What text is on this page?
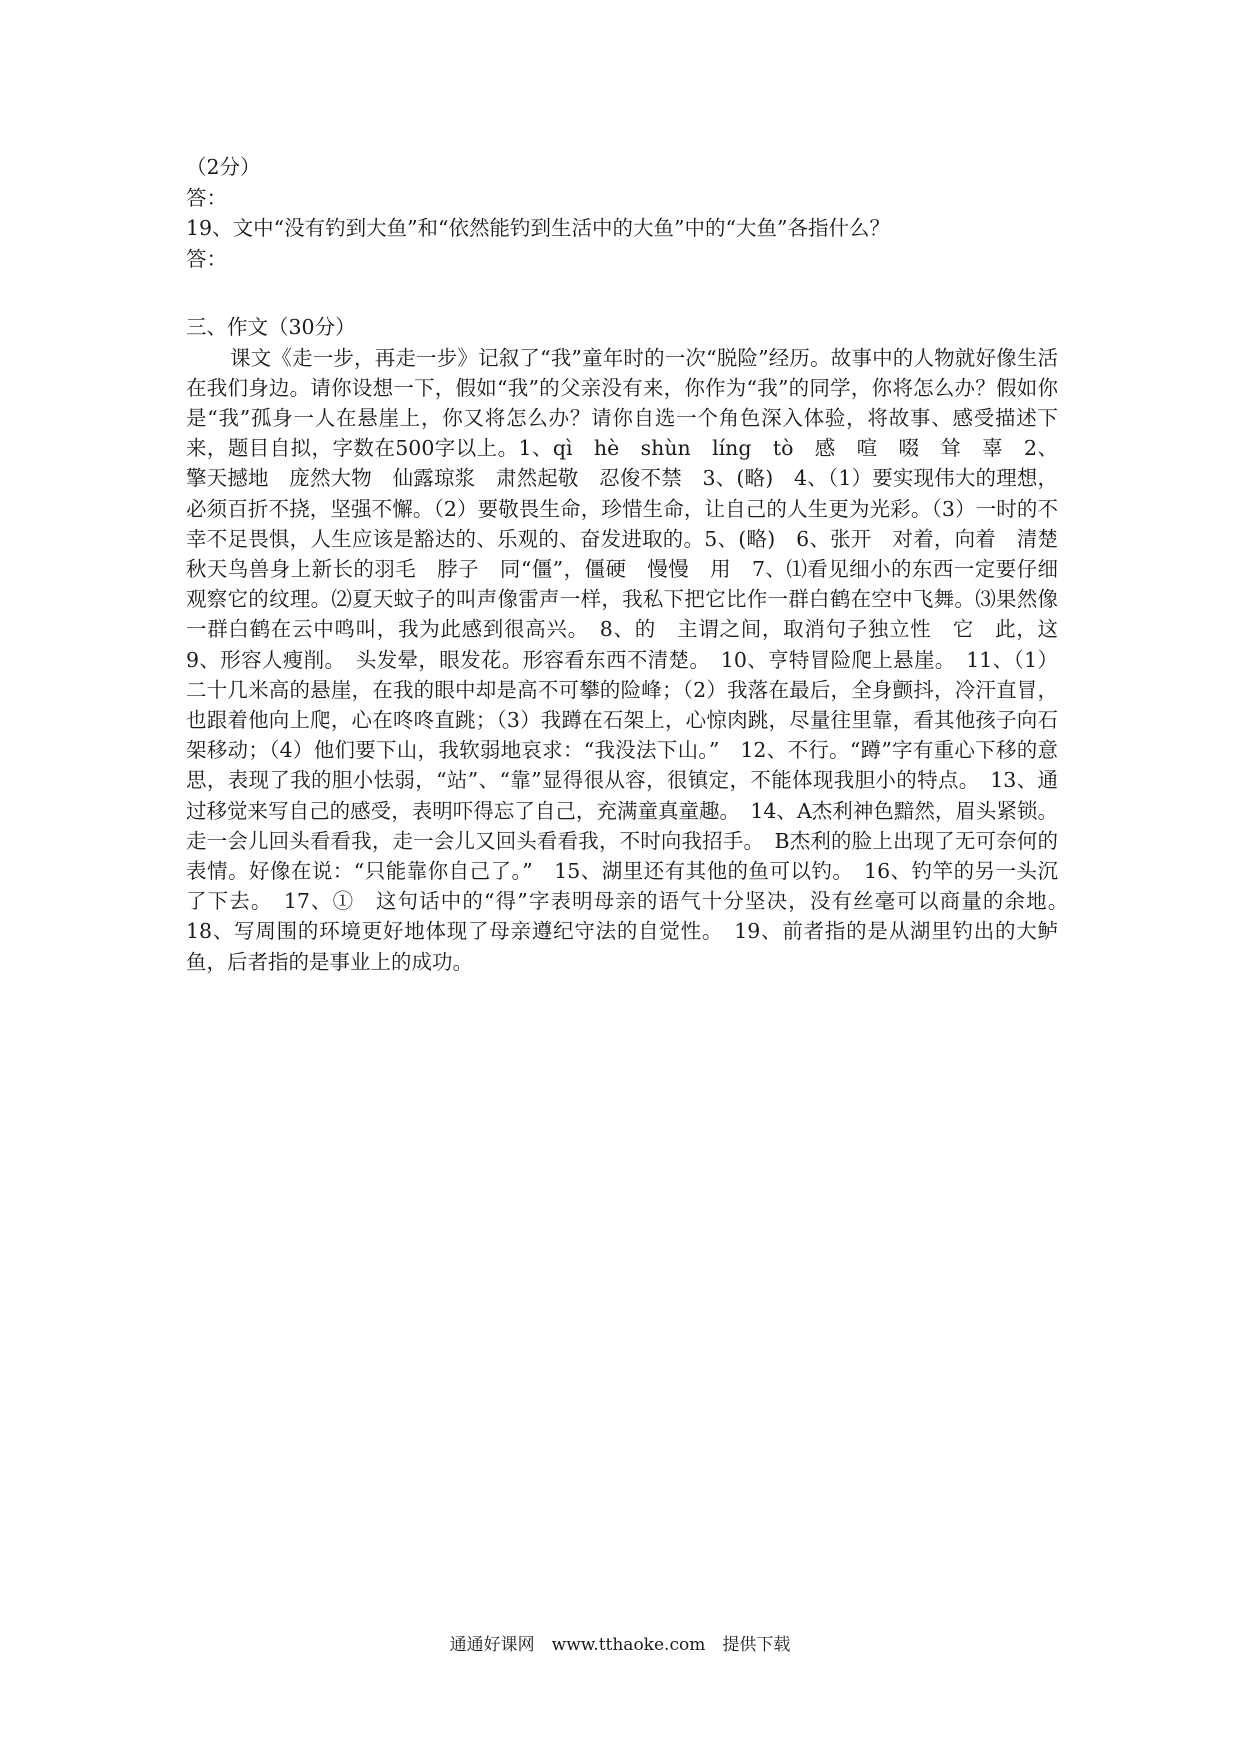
（2分）
答：
19、文中“没有钓到大鱼”和“依然能钓到生活中的大鱼”中的“大鱼”各指什么？
答：
三、作文（30分）

课文《走一步，再走一步》记叙了“我”童年时的一次“脱险”经历。故事中的人物就好像生活在我们身边。请你设想一下，假如“我”的父亲没有来，你作为“我”的同学，你将怎么办？假如你是“我”孤身一人在悬崖上，你又将怎么办？请你自选一个角色深入体验，将故事、感受描述下来，题目自拟，字数在500字以上。1、qì　hè　shùn　líng　tò　感　喧　啜　耸　辜　2、擎天撼地　庞然大物　仙露琼浆　肃然起敬　忍俊不禁　3、(略)　4、（1）要实现伟大的理想，必须百折不挠，坚强不懈。（2）要敬畏生命，珍惜生命，让自己的人生更为光彩。（3）一时的不幸不足畏惧，人生应该是豁达的、乐观的、奋发进取的。5、(略)　6、张开　对着，向着　清楚　秋天鸟兽身上新长的羽毛　脖子　同“僵”，僵硬　慢慢　用　7、⑴看见细小的东西一定要仔细观察它的纹理。⑵夏天蚊子的叫声像雷声一样，我私下把它比作一群白鹤在空中飞舞。⑶果然像一群白鹤在云中鸣叫，我为此感到很高兴。　8、的　主谓之间，取消句子独立性　它　此，这　9、形容人瘦削。　头发晕，眼发花。形容看东西不清楚。　10、亨特冒险爬上悬崖。　11、（1）二十几米高的悬崖，在我的眼中却是高不可攀的险峰；（2）我落在最后，全身颤抖，冷汗直冒，也跟着他向上爬，心在咚咚直跳；（3）我蹲在石架上，心惊肉跳，尽量往里靠，看其他孩子向石架移动；（4）他们要下山，我软弱地哀求：“我没法下山。”　12、不行。“蹲”字有重心下移的意思，表现了我的胆小怯弱，“站”、“靠”显得很从容，很镇定，不能体现我胆小的特点。　13、通过移觉来写自己的感受，表明吓得忘了自己，充满童真童趣。　14、A杰利神色黯然，眉头紧锁。走一会儿回头看看我，走一会儿又回头看看我，不时向我招手。　B杰利的脸上出现了无可奈何的表情。好像在说：“只能靠你自己了。”　15、湖里还有其他的鱼可以钓。　16、钓竿的另一头沉了下去。　17、①　这句话中的“得”字表明母亲的语气十分坚决，没有丝毫可以商量的余地。　18、写周围的环境更好地体现了母亲遵纪守法的自觉性。　19、前者指的是从湖里钓出的大鲈鱼，后者指的是事业上的成功。

通通好课网　www.tthaoke.com　提供下载
